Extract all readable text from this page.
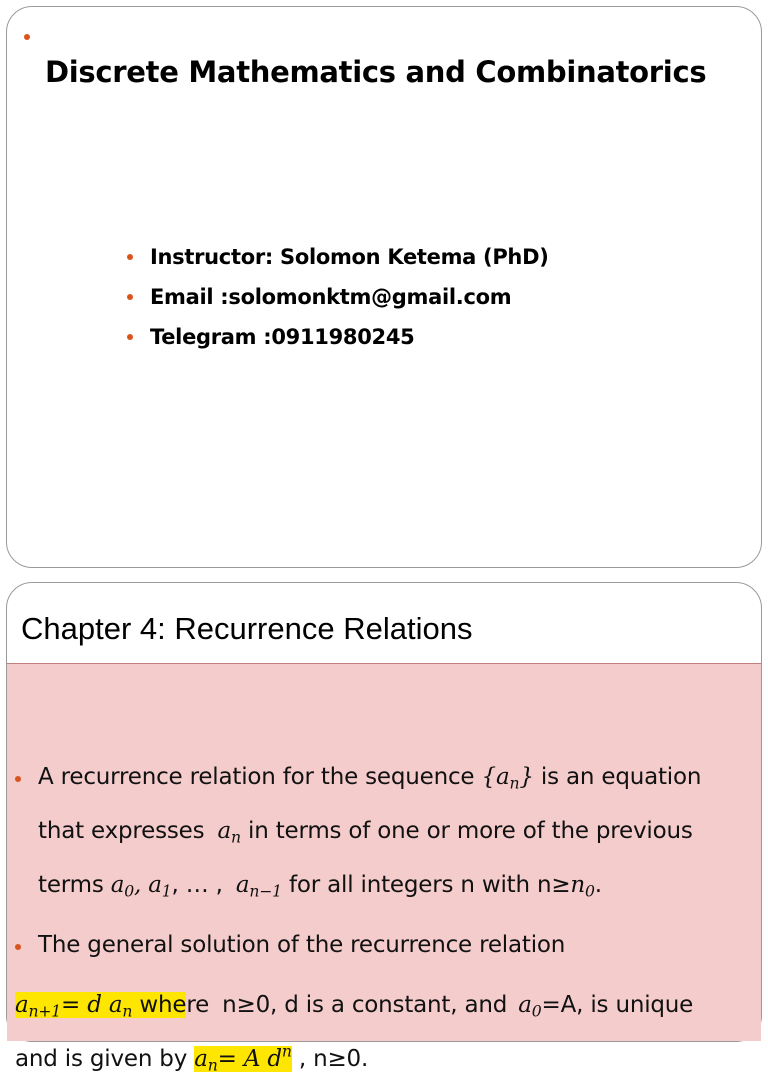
Discrete Mathematics and Combinatorics
Instructor: Solomon Ketema (PhD)
Email :solomonktm@gmail.com
Telegram :0911980245
Chapter 4: Recurrence Relations
A recurrence relation for the sequence $\{a_n\}$ is an equation
that expresses $a_n$ in terms of one or more of the previous
terms $a_0$, $a_1$, … , $a_{n-1}$ for all integers n with $n\ge n_0$.
The general solution of the recurrence relation
$a_{n+1}= d$ $a_n$ where n≥0, d is a constant, and $a_0=A$, is unique
and is given by $a_n= A$ $d^n$ , n≥0.
